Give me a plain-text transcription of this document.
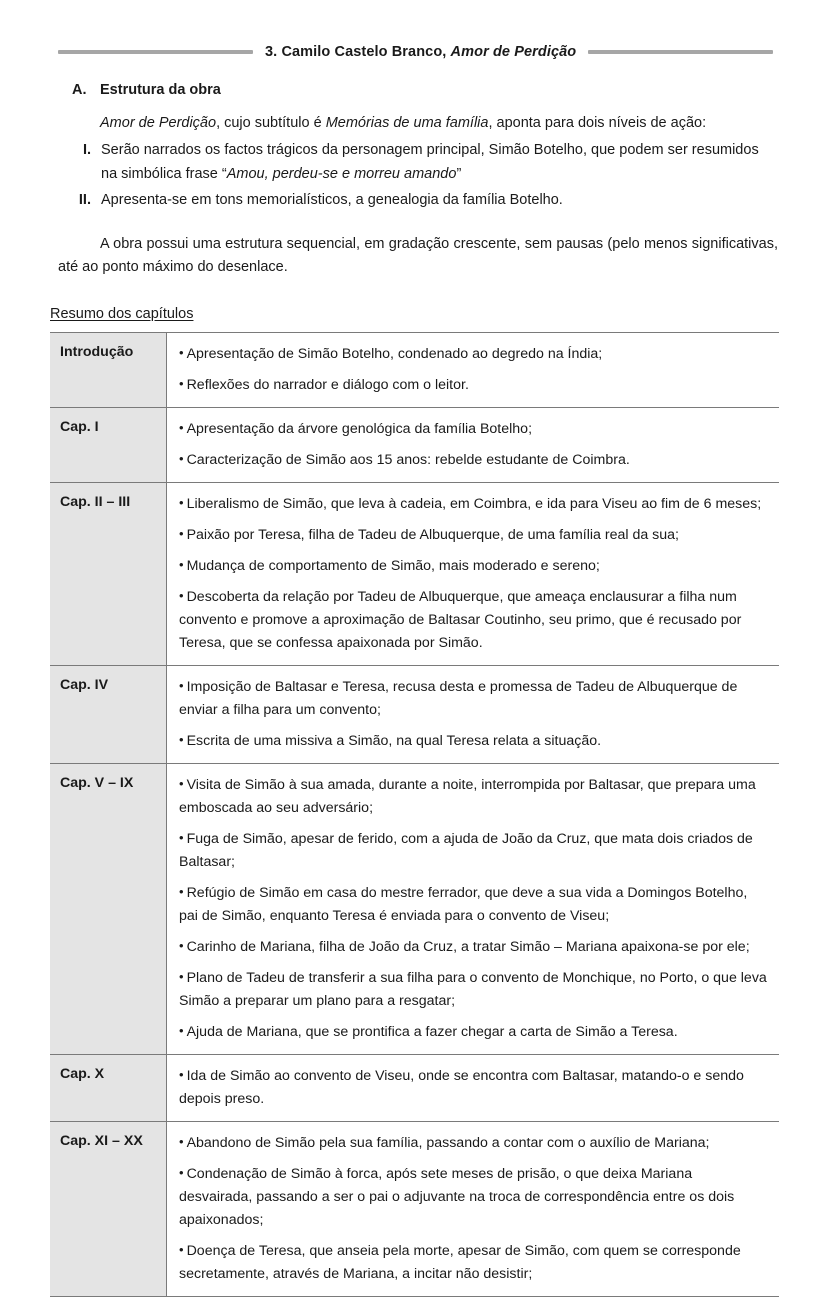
3. Camilo Castelo Branco, Amor de Perdição
A. Estrutura da obra

Amor de Perdição, cujo subtítulo é Memórias de uma família, aponta para dois níveis de ação:

I. Serão narrados os factos trágicos da personagem principal, Simão Botelho, que podem ser resumidos na simbólica frase “Amou, perdeu-se e morreu amando”
II. Apresenta-se em tons memorialísticos, a genealogia da família Botelho.

A obra possui uma estrutura sequencial, em gradação crescente, sem pausas (pelo menos significativas, até ao ponto máximo do desenlace.

Resumo dos capítulos
Introdução	• Apresentação de Simão Botelho, condenado ao degredo na Índia;
• Reflexões do narrador e diálogo com o leitor.

Cap. I	• Apresentação da árvore genológica da família Botelho;
• Caracterização de Simão aos 15 anos: rebelde estudante de Coimbra.

Cap. II – III	• Liberalismo de Simão, que leva à cadeia, em Coimbra, e ida para Viseu ao fim de 6 meses;
• Paixão por Teresa, filha de Tadeu de Albuquerque, de uma família real da sua;
• Mudança de comportamento de Simão, mais moderado e sereno;
• Descoberta da relação por Tadeu de Albuquerque, que ameaça enclausurar a filha num convento e promove a aproximação de Baltasar Coutinho, seu primo, que é recusado por Teresa, que se confessa apaixonada por Simão.

Cap. IV	• Imposição de Baltasar e Teresa, recusa desta e promessa de Tadeu de Albuquerque de enviar a filha para um convento;
• Escrita de uma missiva a Simão, na qual Teresa relata a situação.

Cap. V – IX	• Visita de Simão à sua amada, durante a noite, interrompida por Baltasar, que prepara uma emboscada ao seu adversário;
• Fuga de Simão, apesar de ferido, com a ajuda de João da Cruz, que mata dois criados de Baltasar;
• Refúgio de Simão em casa do mestre ferrador, que deve a sua vida a Domingos Botelho, pai de Simão, enquanto Teresa é enviada para o convento de Viseu;
• Carinho de Mariana, filha de João da Cruz, a tratar Simão – Mariana apaixona-se por ele;
• Plano de Tadeu de transferir a sua filha para o convento de Monchique, no Porto, o que leva Simão a preparar um plano para a resgatar;
• Ajuda de Mariana, que se prontifica a fazer chegar a carta de Simão a Teresa.

Cap. X	• Ida de Simão ao convento de Viseu, onde se encontra com Baltasar, matando-o e sendo depois preso.

Cap. XI – XX	• Abandono de Simão pela sua família, passando a contar com o auxílio de Mariana;
• Condenação de Simão à forca, após sete meses de prisão, o que deixa Mariana desvairada, passando a ser o pai o adjuvante na troca de correspondência entre os dois apaixonados;
• Doença de Teresa, que anseia pela morte, apesar de Simão, com quem se corresponde secretamente, através de Mariana, a incitar não desistir;
